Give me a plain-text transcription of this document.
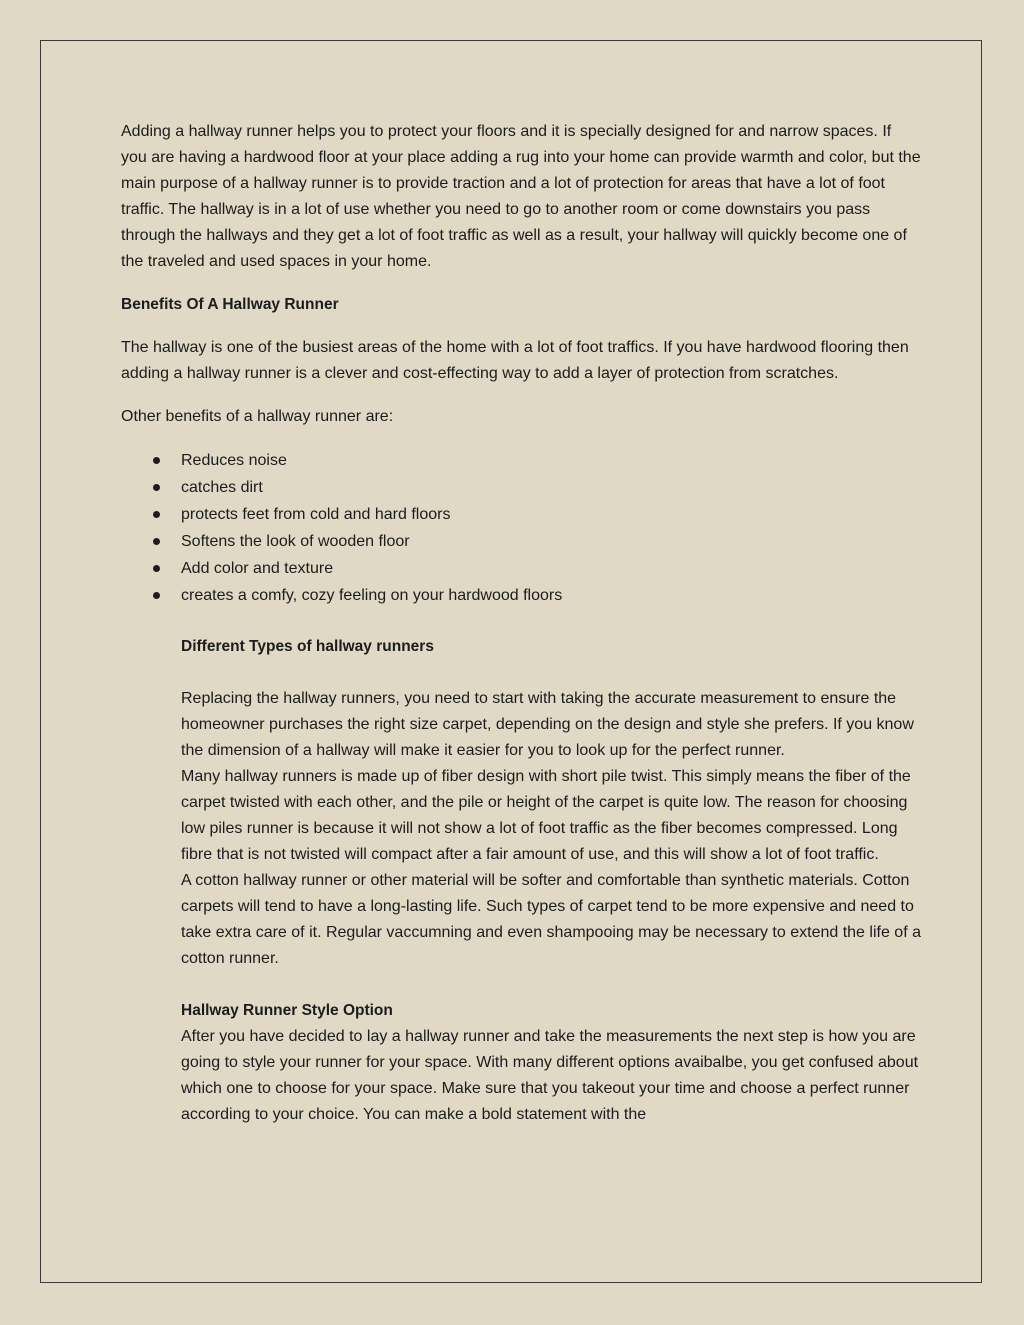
Adding a hallway runner helps you to protect your floors and it is specially designed for and narrow spaces. If you are having a hardwood floor at your place adding a rug into your home can provide warmth and color, but the main purpose of a hallway runner is to provide traction and a lot of protection for areas that have a lot of foot traffic. The hallway is in a lot of use whether you need to go to another room or come downstairs you pass through the hallways and they get a lot of foot traffic as well as a result, your hallway will quickly become one of the traveled and used spaces in your home.

Benefits Of A Hallway Runner

The hallway is one of the busiest areas of the home with a lot of foot traffics. If you have hardwood flooring then adding a hallway runner is a clever and cost-effecting way to add a layer of protection from scratches.

Other benefits of a hallway runner are:

Reduces noise
catches dirt
protects feet from cold and hard floors
Softens the look of wooden floor
Add color and texture
creates a comfy, cozy feeling on your hardwood floors
Different Types of hallway runners

Replacing the hallway runners, you need to start with taking the accurate measurement to ensure the homeowner purchases the right size carpet, depending on the design and style she prefers. If you know the dimension of a hallway will make it easier for you to look up for the perfect runner.

Many hallway runners is made up of fiber design with short pile twist. This simply means the fiber of the carpet twisted with each other, and the pile or height of the carpet is quite low. The reason for choosing low piles runner is because it will not show a lot of foot traffic as the fiber becomes compressed. Long fibre that is not twisted will compact after a fair amount of use, and this will show a lot of foot traffic.

A cotton hallway runner or other material will be softer and comfortable than synthetic materials. Cotton carpets will tend to have a long-lasting life. Such types of carpet tend to be more expensive and need to take extra care of it. Regular vaccumning and even shampooing may be necessary to extend the life of a cotton runner.

Hallway Runner Style Option

After you have decided to lay a hallway runner and take the measurements the next step is how you are going to style your runner for your space. With many different options avaibalbe, you get confused about which one to choose for your space. Make sure that you takeout your time and choose a perfect runner according to your choice. You can make a bold statement with the
